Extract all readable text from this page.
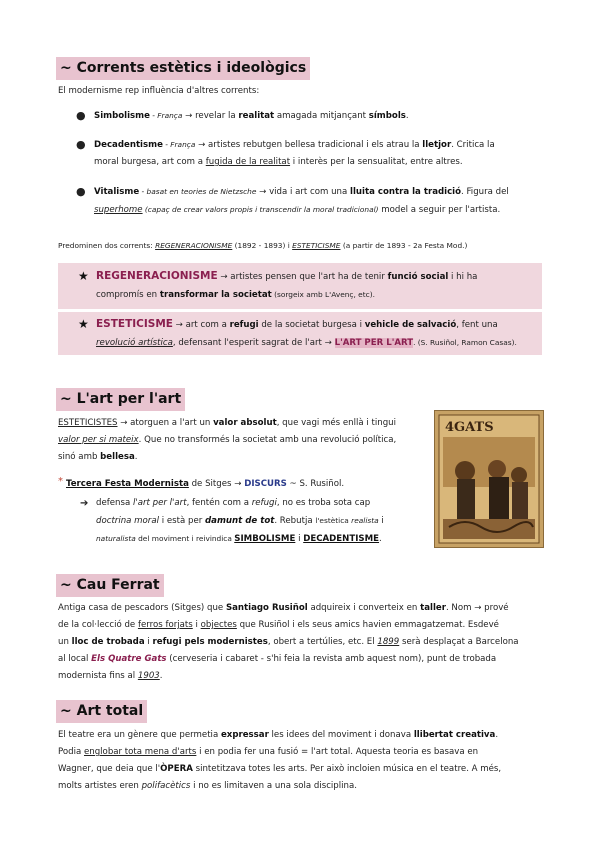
~ Corrents estètics i ideològics
El modernisme rep influència d'altres corrents:
● Simbolisme - França → revelar la realitat amagada mitjançant símbols.
● Decadentisme - França → artistes rebutgen bellesa tradicional i els atrau la lletjor. Critica la
moral burgesa, art com a fugida de la realitat i interès per la sensualitat, entre altres.
● Vitalisme - basat en teories de Nietzsche → vida i art com una lluita contra la tradició. Figura del
superhome (capaç de crear valors propis i transcendir la moral tradicional) model a seguir per l'artista.
Predominen dos corrents: REGENERACIONISME (1892 - 1893) i ESTETICISME (a partir de 1893 - 2a Festa Mod.)
★ REGENERACIONISME → artistes pensen que l'art ha de tenir funció social i hi ha
compromís en transformar la societat (sorgeix amb L'Avenç, etc).
★ ESTETICISME → art com a refugi de la societat burgesa i vehicle de salvació, fent una
revolució artística, defensant l'esperit sagrat de l'art → L'ART PER L'ART. (S. Rusiñol, Ramon Casas).
~ L'art per l'art
ESTETICISTES → atorguen a l'art un valor absolut, que vagi més enllà i tingui
valor per si mateix. Que no transformés la societat amb una revolució política,
sinó amb bellesa.
* Tercera Festa Modernista de Sitges → DISCURS ~ S. Rusiñol.
➔ defensa l'art per l'art, fentén com a refugi, no es troba sota cap
doctrina moral i està per damunt de tot. Rebutja l'estètica realista i
naturalista del moviment i reivindica SIMBOLISME i DECADENTISME.
4GATS
~ Cau Ferrat
Antiga casa de pescadors (Sitges) que Santiago Rusiñol adquireix i converteix en taller. Nom → prové
de la col·lecció de ferros forjats i objectes que Rusiñol i els seus amics havien emmagatzemat. Esdevé
un lloc de trobada i refugi pels modernistes, obert a tertúlies, etc. El 1899 serà desplaçat a Barcelona
al local Els Quatre Gats (cerveseria i cabaret - s'hi feia la revista amb aquest nom), punt de trobada
modernista fins al 1903.
~ Art total
El teatre era un gènere que permetia expressar les idees del moviment i donava llibertat creativa.
Podia englobar tota mena d'arts i en podia fer una fusió = l'art total. Aquesta teoria es basava en
Wagner, que deia que l'ÒPERA sintetitzava totes les arts. Per això incloien música en el teatre. A més,
molts artistes eren polifacètics i no es limitaven a una sola disciplina.
